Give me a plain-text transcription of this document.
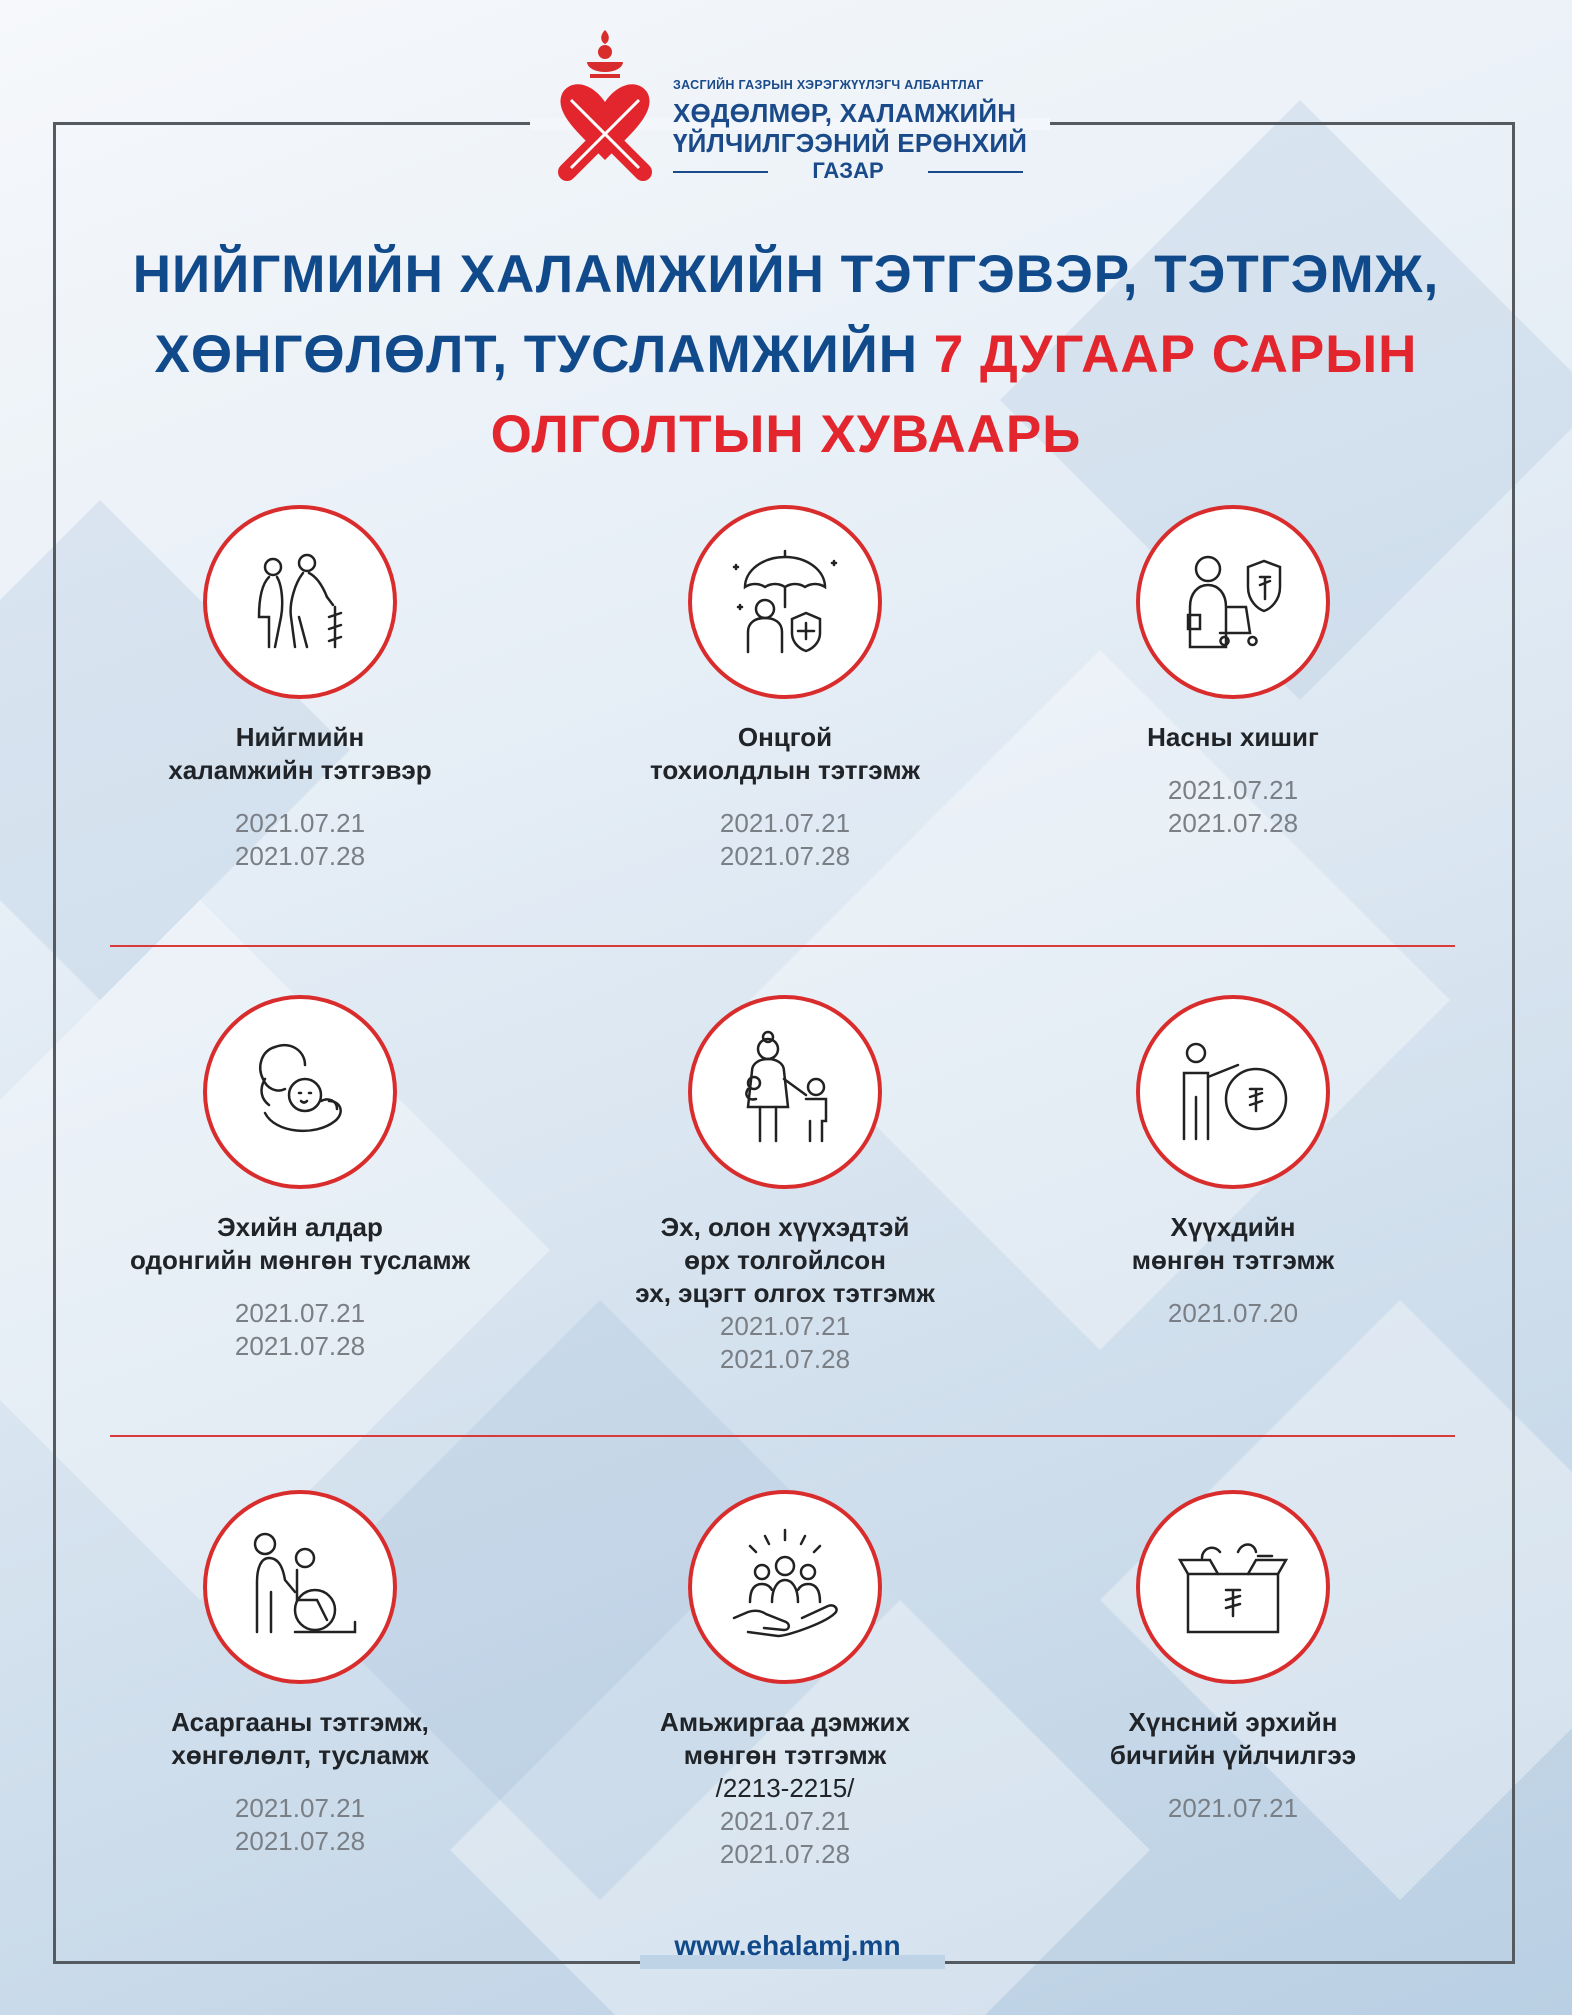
ЗАСГИЙН ГАЗРЫН ХЭРЭГЖҮҮЛЭГЧ АЛБАНТЛАГ
ХӨДӨЛМӨР, ХАЛАМЖИЙН
ҮЙЛЧИЛГЭЭНИЙ ЕРӨНХИЙ
ГАЗАР
НИЙГМИЙН ХАЛАМЖИЙН ТЭТГЭВЭР, ТЭТГЭМЖ,
ХӨНГӨЛӨЛТ, ТУСЛАМЖИЙН 7 ДУГААР САРЫН
ОЛГОЛТЫН ХУВААРЬ
Нийгмийн
халамжийн тэтгэвэр
2021.07.21
2021.07.28
Онцгой
тохиолдлын тэтгэмж
2021.07.21
2021.07.28
Насны хишиг
2021.07.21
2021.07.28
Эхийн алдар
одонгийн мөнгөн тусламж
2021.07.21
2021.07.28
Эх, олон хүүхэдтэй
өрх толгойлсон
эх, эцэгт олгох тэтгэмж
2021.07.21
2021.07.28
Хүүхдийн
мөнгөн тэтгэмж
2021.07.20
Асаргааны тэтгэмж,
хөнгөлөлт, тусламж
2021.07.21
2021.07.28
Амьжиргаа дэмжих
мөнгөн тэтгэмж
/2213-2215/
2021.07.21
2021.07.28
Хүнсний эрхийн
бичгийн үйлчилгээ
2021.07.21
www.ehalamj.mn
